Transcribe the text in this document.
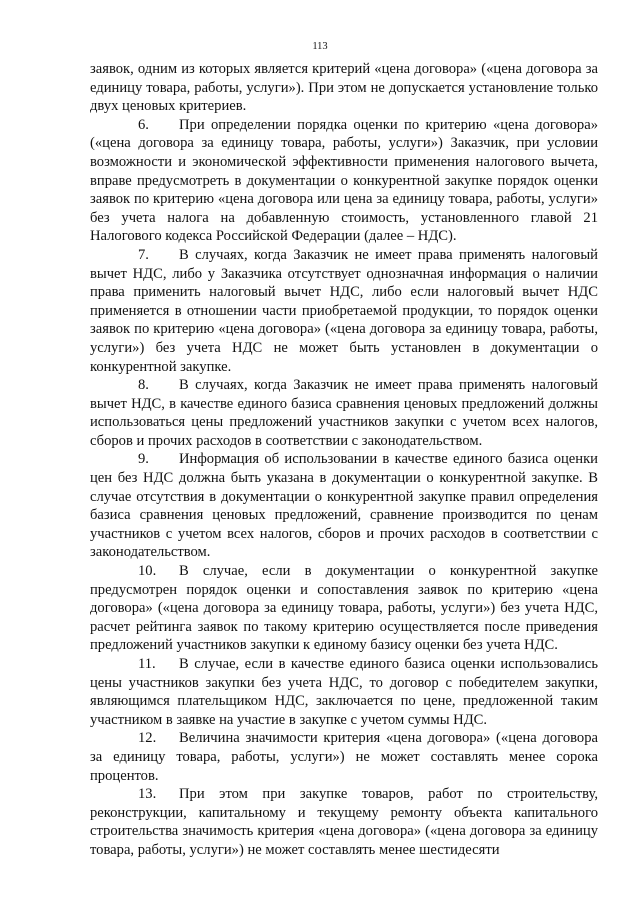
113

заявок, одним из которых является критерий «цена договора» («цена договора за единицу товара, работы, услуги»). При этом не допускается установление только двух ценовых критериев.

6. При определении порядка оценки по критерию «цена договора» («цена договора за единицу товара, работы, услуги») Заказчик, при условии возможности и экономической эффективности применения налогового вычета, вправе предусмотреть в документации о конкурентной закупке порядок оценки заявок по критерию «цена договора или цена за единицу товара, работы, услуги» без учета налога на добавленную стоимость, установленного главой 21 Налогового кодекса Российской Федерации (далее – НДС).

7. В случаях, когда Заказчик не имеет права применять налоговый вычет НДС, либо у Заказчика отсутствует однозначная информация о наличии права применить налоговый вычет НДС, либо если налоговый вычет НДС применяется в отношении части приобретаемой продукции, то порядок оценки заявок по критерию «цена договора» («цена договора за единицу товара, работы, услуги») без учета НДС не может быть установлен в документации о конкурентной закупке.

8. В случаях, когда Заказчик не имеет права применять налоговый вычет НДС, в качестве единого базиса сравнения ценовых предложений должны использоваться цены предложений участников закупки с учетом всех налогов, сборов и прочих расходов в соответствии с законодательством.

9. Информация об использовании в качестве единого базиса оценки цен без НДС должна быть указана в документации о конкурентной закупке. В случае отсутствия в документации о конкурентной закупке правил определения базиса сравнения ценовых предложений, сравнение производится по ценам участников с учетом всех налогов, сборов и прочих расходов в соответствии с законодательством.

10. В случае, если в документации о конкурентной закупке предусмотрен порядок оценки и сопоставления заявок по критерию «цена договора» («цена договора за единицу товара, работы, услуги») без учета НДС, расчет рейтинга заявок по такому критерию осуществляется после приведения предложений участников закупки к единому базису оценки без учета НДС.

11. В случае, если в качестве единого базиса оценки использовались цены участников закупки без учета НДС, то договор с победителем закупки, являющимся плательщиком НДС, заключается по цене, предложенной таким участником в заявке на участие в закупке с учетом суммы НДС.

12. Величина значимости критерия «цена договора» («цена договора за единицу товара, работы, услуги») не может составлять менее сорока процентов.

13. При этом при закупке товаров, работ по строительству, реконструкции, капитальному и текущему ремонту объекта капитального строительства значимость критерия «цена договора» («цена договора за единицу товара, работы, услуги») не может составлять менее шестидесяти
